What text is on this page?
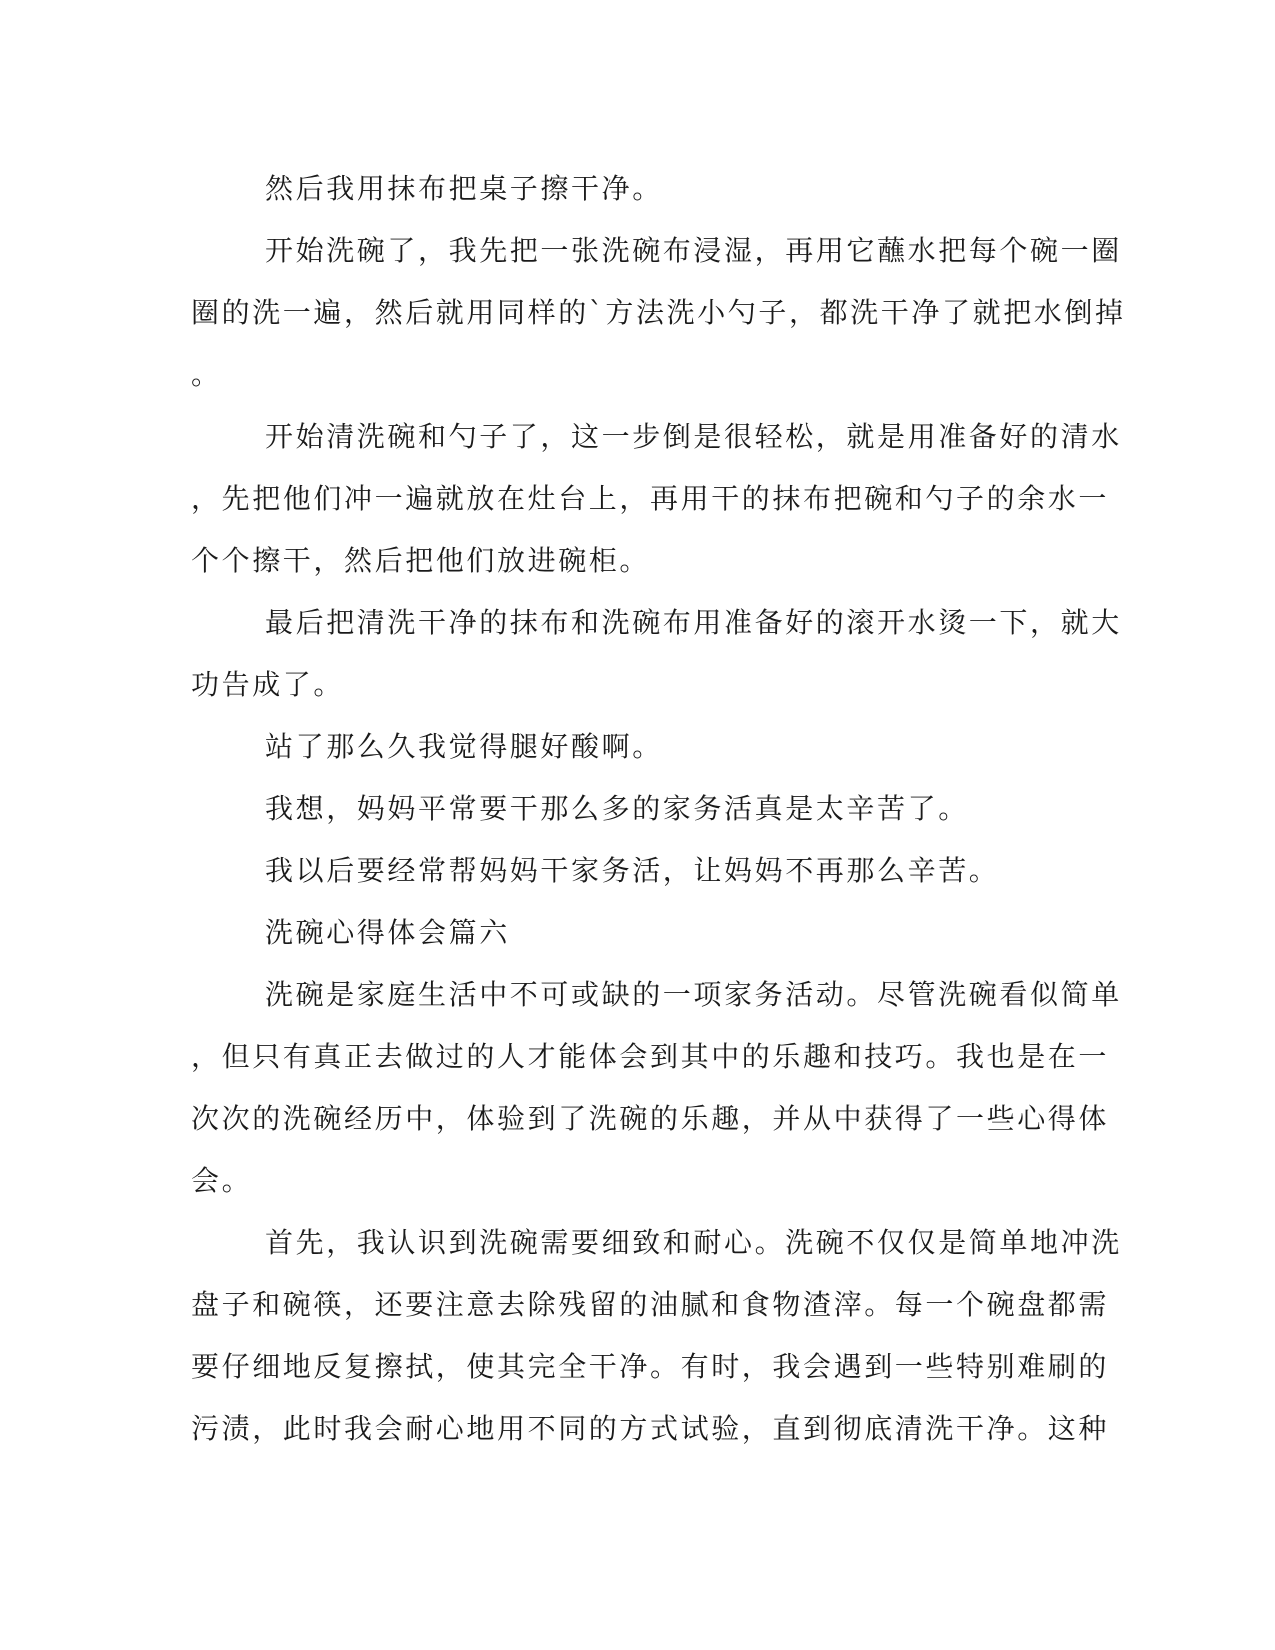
然后我用抹布把桌子擦干净。
开始洗碗了，我先把一张洗碗布浸湿，再用它蘸水把每个碗一圈
圈的洗一遍，然后就用同样的`方法洗小勺子，都洗干净了就把水倒掉
。
开始清洗碗和勺子了，这一步倒是很轻松，就是用准备好的清水
，先把他们冲一遍就放在灶台上，再用干的抹布把碗和勺子的余水一
个个擦干，然后把他们放进碗柜。
最后把清洗干净的抹布和洗碗布用准备好的滚开水烫一下，就大
功告成了。
站了那么久我觉得腿好酸啊。
我想，妈妈平常要干那么多的家务活真是太辛苦了。
我以后要经常帮妈妈干家务活，让妈妈不再那么辛苦。
洗碗心得体会篇六
洗碗是家庭生活中不可或缺的一项家务活动。尽管洗碗看似简单
，但只有真正去做过的人才能体会到其中的乐趣和技巧。我也是在一
次次的洗碗经历中，体验到了洗碗的乐趣，并从中获得了一些心得体
会。
首先，我认识到洗碗需要细致和耐心。洗碗不仅仅是简单地冲洗
盘子和碗筷，还要注意去除残留的油腻和食物渣滓。每一个碗盘都需
要仔细地反复擦拭，使其完全干净。有时，我会遇到一些特别难刷的
污渍，此时我会耐心地用不同的方式试验，直到彻底清洗干净。这种
